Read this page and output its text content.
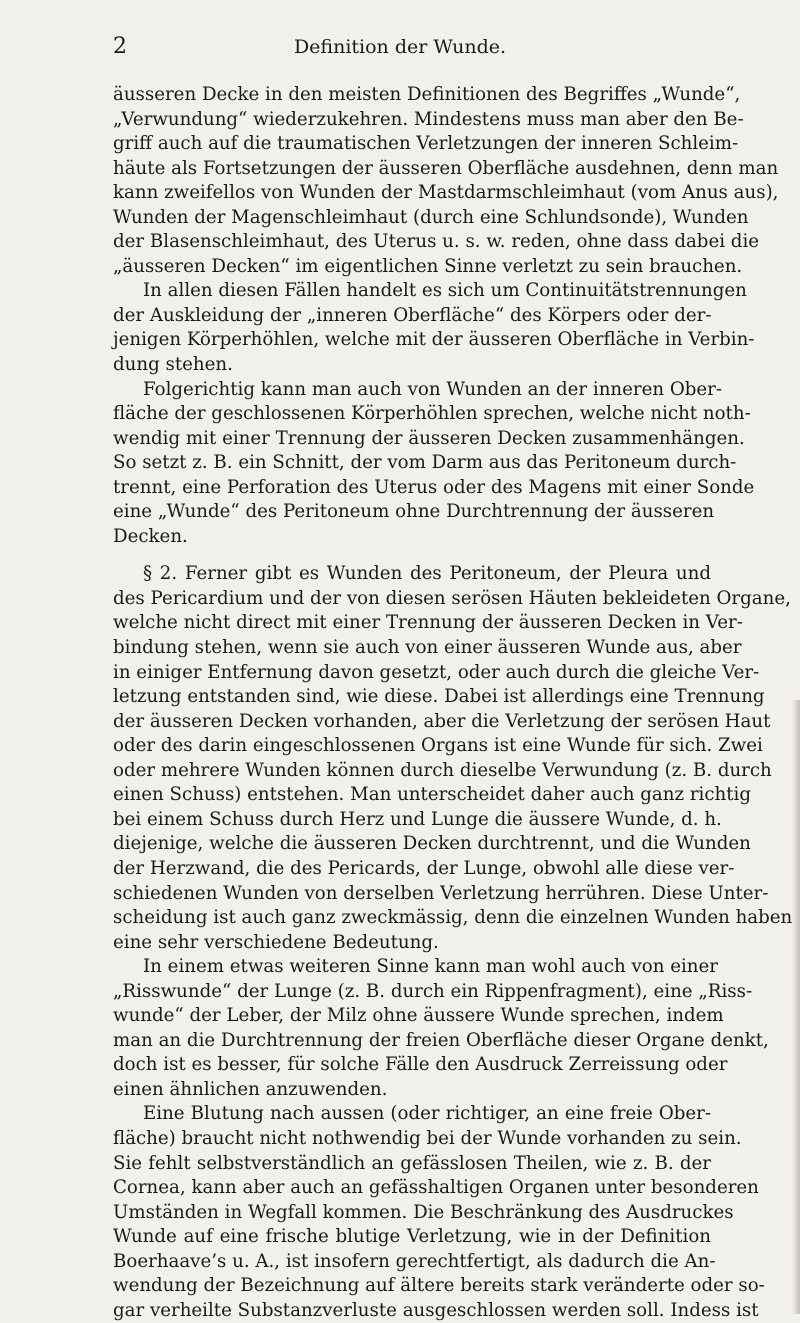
2	Definition der Wunde.
äusseren Decke in den meisten Definitionen des Begriffes „Wunde“,
„Verwundung“ wiederzukehren. Mindestens muss man aber den Be-
griff auch auf die traumatischen Verletzungen der inneren Schleim-
häute als Fortsetzungen der äusseren Oberfläche ausdehnen, denn man
kann zweifellos von Wunden der Mastdarmschleimhaut (vom Anus aus),
Wunden der Magenschleimhaut (durch eine Schlundsonde), Wunden
der Blasenschleimhaut, des Uterus u. s. w. reden, ohne dass dabei die
„äusseren Decken“ im eigentlichen Sinne verletzt zu sein brauchen.
In allen diesen Fällen handelt es sich um Continuitätstrennungen
der Auskleidung der „inneren Oberfläche“ des Körpers oder der-
jenigen Körperhöhlen, welche mit der äusseren Oberfläche in Verbin-
dung stehen.
Folgerichtig kann man auch von Wunden an der inneren Ober-
fläche der geschlossenen Körperhöhlen sprechen, welche nicht noth-
wendig mit einer Trennung der äusseren Decken zusammenhängen.
So setzt z. B. ein Schnitt, der vom Darm aus das Peritoneum durch-
trennt, eine Perforation des Uterus oder des Magens mit einer Sonde
eine „Wunde“ des Peritoneum ohne Durchtrennung der äusseren
Decken.
§ 2. Ferner gibt es Wunden des Peritoneum, der Pleura und
des Pericardium und der von diesen serösen Häuten bekleideten Organe,
welche nicht direct mit einer Trennung der äusseren Decken in Ver-
bindung stehen, wenn sie auch von einer äusseren Wunde aus, aber
in einiger Entfernung davon gesetzt, oder auch durch die gleiche Ver-
letzung entstanden sind, wie diese. Dabei ist allerdings eine Trennung
der äusseren Decken vorhanden, aber die Verletzung der serösen Haut
oder des darin eingeschlossenen Organs ist eine Wunde für sich. Zwei
oder mehrere Wunden können durch dieselbe Verwundung (z. B. durch
einen Schuss) entstehen. Man unterscheidet daher auch ganz richtig
bei einem Schuss durch Herz und Lunge die äussere Wunde, d. h.
diejenige, welche die äusseren Decken durchtrennt, und die Wunden
der Herzwand, die des Pericards, der Lunge, obwohl alle diese ver-
schiedenen Wunden von derselben Verletzung herrühren. Diese Unter-
scheidung ist auch ganz zweckmässig, denn die einzelnen Wunden haben
eine sehr verschiedene Bedeutung.
In einem etwas weiteren Sinne kann man wohl auch von einer
„Risswunde“ der Lunge (z. B. durch ein Rippenfragment), eine „Riss-
wunde“ der Leber, der Milz ohne äussere Wunde sprechen, indem
man an die Durchtrennung der freien Oberfläche dieser Organe denkt,
doch ist es besser, für solche Fälle den Ausdruck Zerreissung oder
einen ähnlichen anzuwenden.
Eine Blutung nach aussen (oder richtiger, an eine freie Ober-
fläche) braucht nicht nothwendig bei der Wunde vorhanden zu sein.
Sie fehlt selbstverständlich an gefässlosen Theilen, wie z. B. der
Cornea, kann aber auch an gefässhaltigen Organen unter besonderen
Umständen in Wegfall kommen. Die Beschränkung des Ausdruckes
Wunde auf eine frische blutige Verletzung, wie in der Definition
Boerhaave’s u. A., ist insofern gerechtfertigt, als dadurch die An-
wendung der Bezeichnung auf ältere bereits stark veränderte oder so-
gar verheilte Substanzverluste ausgeschlossen werden soll. Indess ist
